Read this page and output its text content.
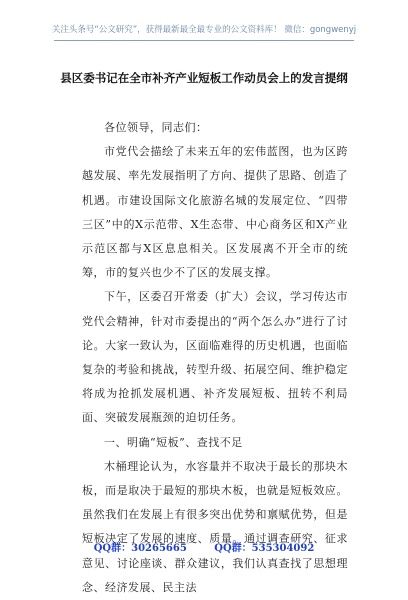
关注头条号“公文研究”，获得最新最全最专业的公文资料库！ 微信：gongwenyj
县区委书记在全市补齐产业短板工作动员会上的发言提纲

各位领导，同志们：

市党代会描绘了未来五年的宏伟蓝图，也为区跨越发展、率先发展指明了方向、提供了思路、创造了机遇。市建设国际文化旅游名城的发展定位、“四带三区”中的X示范带、X生态带、中心商务区和X产业示范区都与X区息息相关。区发展离不开全市的统筹，市的复兴也少不了区的发展支撑。

下午，区委召开常委（扩大）会议，学习传达市党代会精神，针对市委提出的“两个怎么办”进行了讨论。大家一致认为，区面临难得的历史机遇，也面临复杂的考验和挑战，转型升级、拓展空间、维护稳定将成为抢抓发展机遇、补齐发展短板、扭转不利局面、突破发展瓶颈的迫切任务。

一、明确“短板”、查找不足

木桶理论认为，水容量并不取决于最长的那块木板，而是取决于最短的那块木板，也就是短板效应。虽然我们在发展上有很多突出优势和禀赋优势，但是短板决定了发展的速度、质量。通过调查研究、征求意见、讨论座谈、群众建议，我们认真查找了思想理念、经济发展、民主法

QQ群：30265665	QQ群：535304092
